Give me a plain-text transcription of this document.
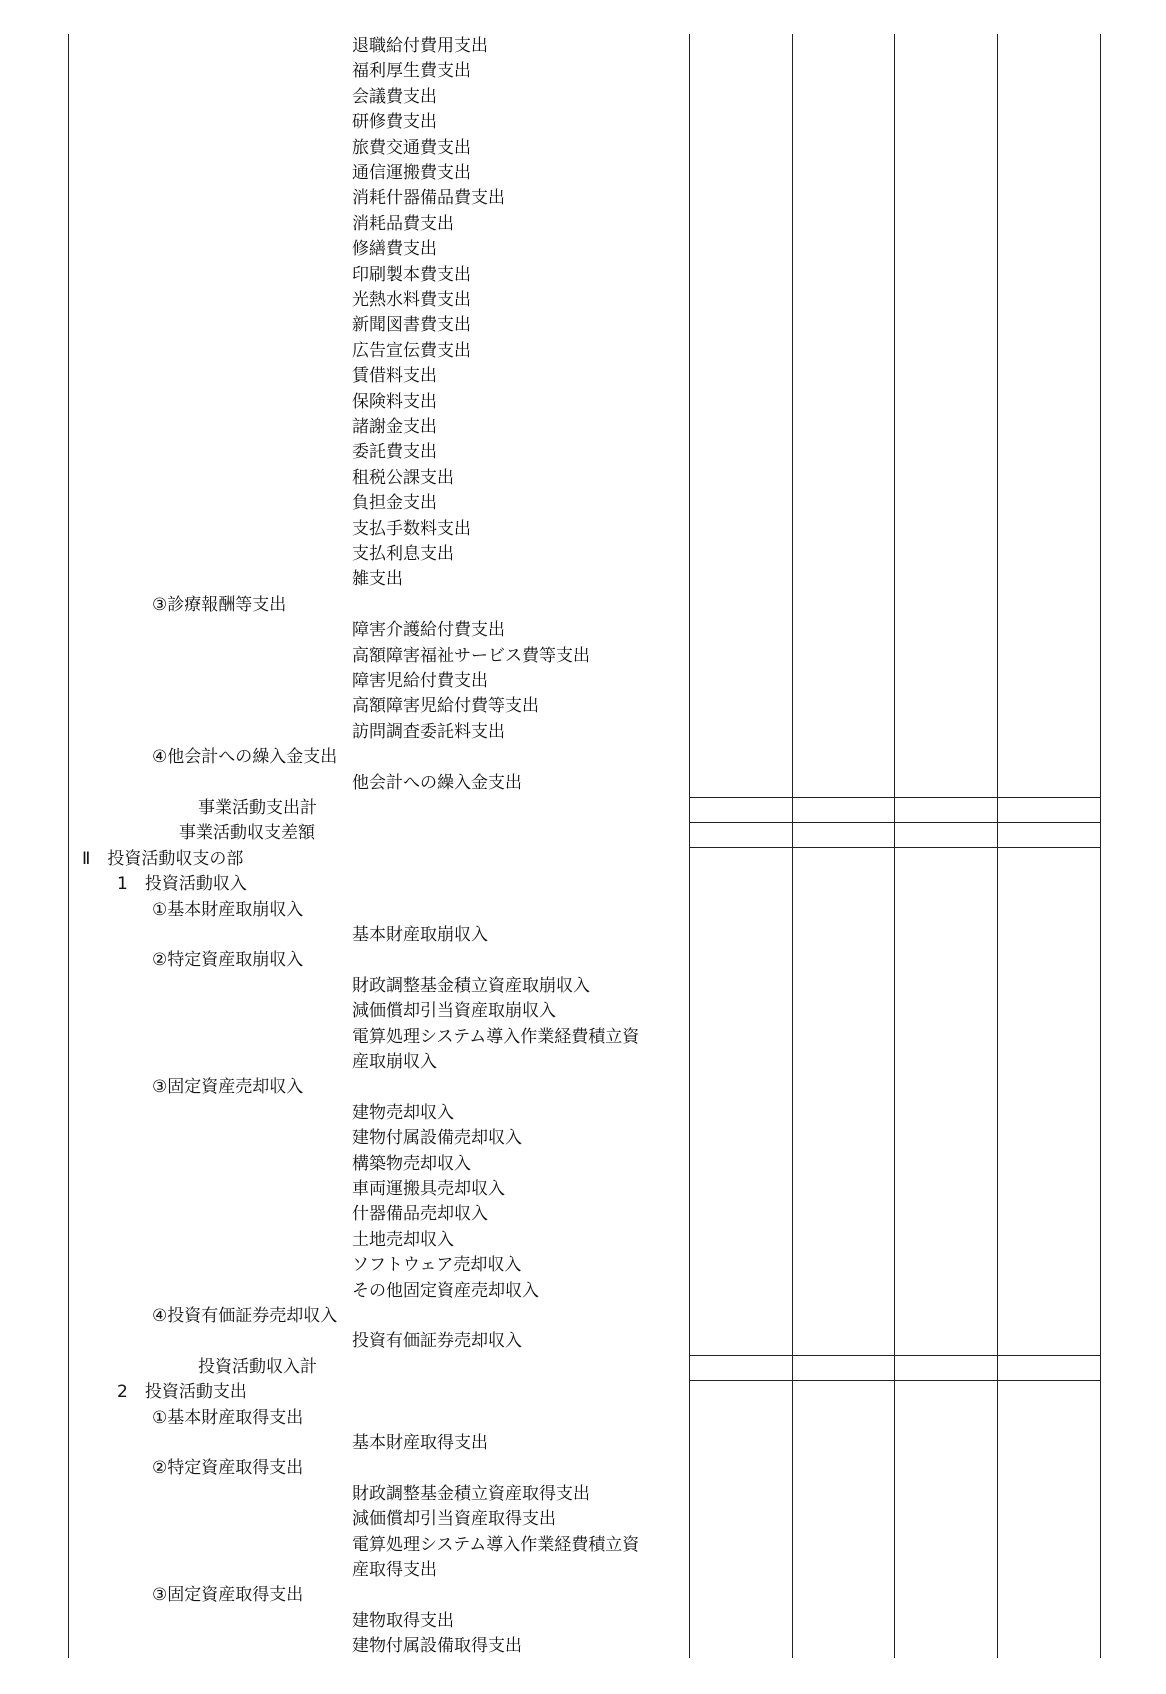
退職給付費用支出
福利厚生費支出
会議費支出
研修費支出
旅費交通費支出
通信運搬費支出
消耗什器備品費支出
消耗品費支出
修繕費支出
印刷製本費支出
光熱水料費支出
新聞図書費支出
広告宣伝費支出
賃借料支出
保険料支出
諸謝金支出
委託費支出
租税公課支出
負担金支出
支払手数料支出
支払利息支出
雑支出
③診療報酬等支出
障害介護給付費支出
高額障害福祉サービス費等支出
障害児給付費支出
高額障害児給付費等支出
訪問調査委託料支出
④他会計への繰入金支出
他会計への繰入金支出
事業活動支出計
事業活動収支差額
Ⅱ　投資活動収支の部
1　投資活動収入
①基本財産取崩収入
基本財産取崩収入
②特定資産取崩収入
財政調整基金積立資産取崩収入
減価償却引当資産取崩収入
電算処理システム導入作業経費積立資
産取崩収入
③固定資産売却収入
建物売却収入
建物付属設備売却収入
構築物売却収入
車両運搬具売却収入
什器備品売却収入
土地売却収入
ソフトウェア売却収入
その他固定資産売却収入
④投資有価証券売却収入
投資有価証券売却収入
投資活動収入計
2　投資活動支出
①基本財産取得支出
基本財産取得支出
②特定資産取得支出
財政調整基金積立資産取得支出
減価償却引当資産取得支出
電算処理システム導入作業経費積立資
産取得支出
③固定資産取得支出
建物取得支出
建物付属設備取得支出
